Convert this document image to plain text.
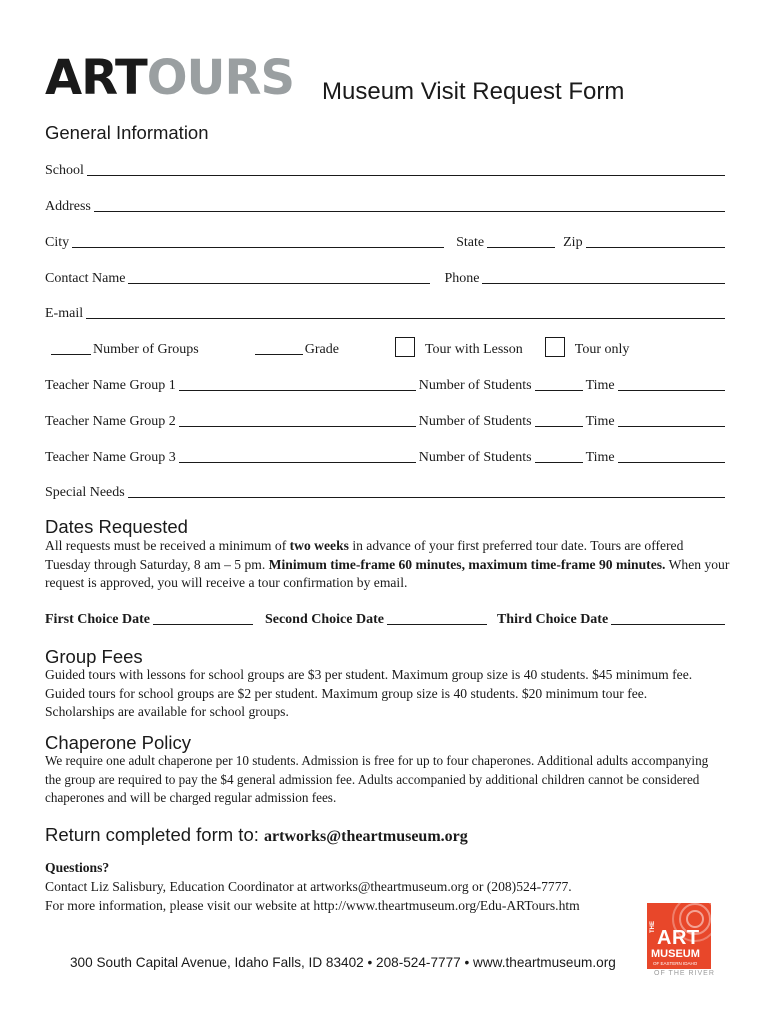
ARTOURS Museum Visit Request Form
General Information
School
Address
City	State	Zip
Contact Name	Phone
E-mail
Number of Groups	Grade	Tour with Lesson	Tour only
Teacher Name Group 1	Number of Students	Time
Teacher Name Group 2	Number of Students	Time
Teacher Name Group 3	Number of Students	Time
Special Needs
Dates Requested
All requests must be received a minimum of two weeks in advance of your first preferred tour date. Tours are offered Tuesday through Saturday, 8 am – 5 pm. Minimum time-frame 60 minutes, maximum time-frame 90 minutes. When your request is approved, you will receive a tour confirmation by email.
First Choice Date	Second Choice Date	Third Choice Date
Group Fees
Guided tours with lessons for school groups are $3 per student. Maximum group size is 40 students. $45 minimum fee.
Guided tours for school groups are $2 per student. Maximum group size is 40 students. $20 minimum tour fee.
Scholarships are available for school groups.
Chaperone Policy
We require one adult chaperone per 10 students. Admission is free for up to four chaperones. Additional adults accompanying the group are required to pay the $4 general admission fee. Adults accompanied by additional children cannot be considered chaperones and will be charged regular admission fees.
Return completed form to: artworks@theartmuseum.org
Questions?
Contact Liz Salisbury, Education Coordinator at artworks@theartmuseum.org or (208)524-7777.
For more information, please visit our website at http://www.theartmuseum.org/Edu-ARTours.htm
300 South Capital Avenue, Idaho Falls, ID 83402 • 208-524-7777 • www.theartmuseum.org
THE ART
MUSEUM
OF EASTERN IDAHO
OF THE RIVER
